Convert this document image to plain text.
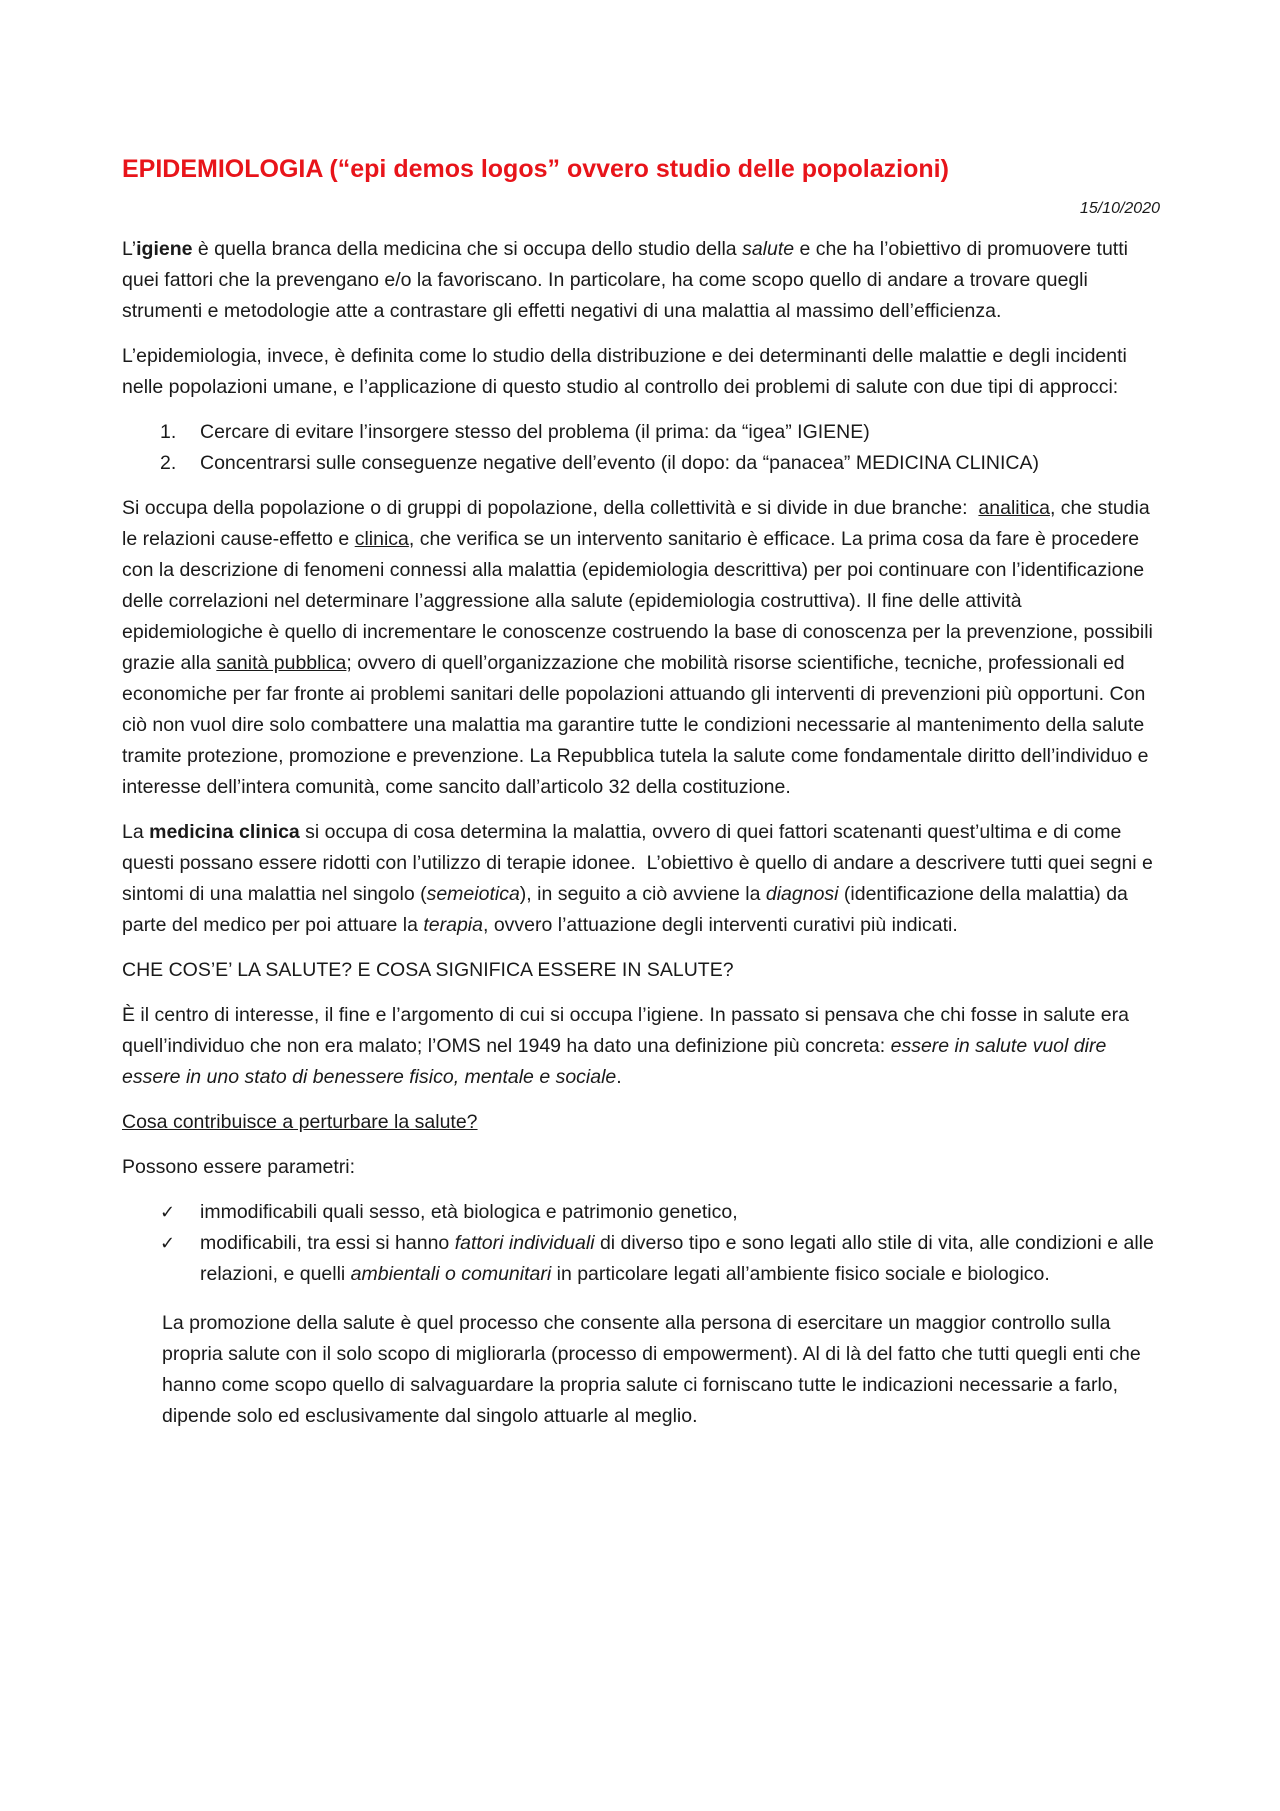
EPIDEMIOLOGIA (“epi demos logos” ovvero studio delle popolazioni)
15/10/2020

L’igiene è quella branca della medicina che si occupa dello studio della salute e che ha l’obiettivo di promuovere tutti quei fattori che la prevengano e/o la favoriscano. In particolare, ha come scopo quello di andare a trovare quegli strumenti e metodologie atte a contrastare gli effetti negativi di una malattia al massimo dell’efficienza.

L’epidemiologia, invece, è definita come lo studio della distribuzione e dei determinanti delle malattie e degli incidenti nelle popolazioni umane, e l’applicazione di questo studio al controllo dei problemi di salute con due tipi di approcci:

1.	Cercare di evitare l’insorgere stesso del problema (il prima: da “igea” IGIENE)
2.	Concentrarsi sulle conseguenze negative dell’evento (il dopo: da “panacea” MEDICINA CLINICA)

Si occupa della popolazione o di gruppi di popolazione, della collettività e si divide in due branche:  analitica, che studia le relazioni cause-effetto e clinica, che verifica se un intervento sanitario è efficace. La prima cosa da fare è procedere con la descrizione di fenomeni connessi alla malattia (epidemiologia descrittiva) per poi continuare con l’identificazione delle correlazioni nel determinare l’aggressione alla salute (epidemiologia costruttiva). Il fine delle attività epidemiologiche è quello di incrementare le conoscenze costruendo la base di conoscenza per la prevenzione, possibili grazie alla sanità pubblica; ovvero di quell’organizzazione che mobilità risorse scientifiche, tecniche, professionali ed economiche per far fronte ai problemi sanitari delle popolazioni attuando gli interventi di prevenzioni più opportuni. Con ciò non vuol dire solo combattere una malattia ma garantire tutte le condizioni necessarie al mantenimento della salute tramite protezione, promozione e prevenzione. La Repubblica tutela la salute come fondamentale diritto dell’individuo e interesse dell’intera comunità, come sancito dall’articolo 32 della costituzione.

La medicina clinica si occupa di cosa determina la malattia, ovvero di quei fattori scatenanti quest’ultima e di come questi possano essere ridotti con l’utilizzo di terapie idonee.  L’obiettivo è quello di andare a descrivere tutti quei segni e sintomi di una malattia nel singolo (semeiotica), in seguito a ciò avviene la diagnosi (identificazione della malattia) da parte del medico per poi attuare la terapia, ovvero l’attuazione degli interventi curativi più indicati.

CHE COS’E’ LA SALUTE? E COSA SIGNIFICA ESSERE IN SALUTE?

È il centro di interesse, il fine e l’argomento di cui si occupa l’igiene. In passato si pensava che chi fosse in salute era quell’individuo che non era malato; l’OMS nel 1949 ha dato una definizione più concreta: essere in salute vuol dire essere in uno stato di benessere fisico, mentale e sociale.

Cosa contribuisce a perturbare la salute?

Possono essere parametri:

✓	immodificabili quali sesso, età biologica e patrimonio genetico,
✓	modificabili, tra essi si hanno fattori individuali di diverso tipo e sono legati allo stile di vita, alle condizioni e alle relazioni, e quelli ambientali o comunitari in particolare legati all’ambiente fisico sociale e biologico.

La promozione della salute è quel processo che consente alla persona di esercitare un maggior controllo sulla propria salute con il solo scopo di migliorarla (processo di empowerment). Al di là del fatto che tutti quegli enti che hanno come scopo quello di salvaguardare la propria salute ci forniscano tutte le indicazioni necessarie a farlo, dipende solo ed esclusivamente dal singolo attuarle al meglio.
